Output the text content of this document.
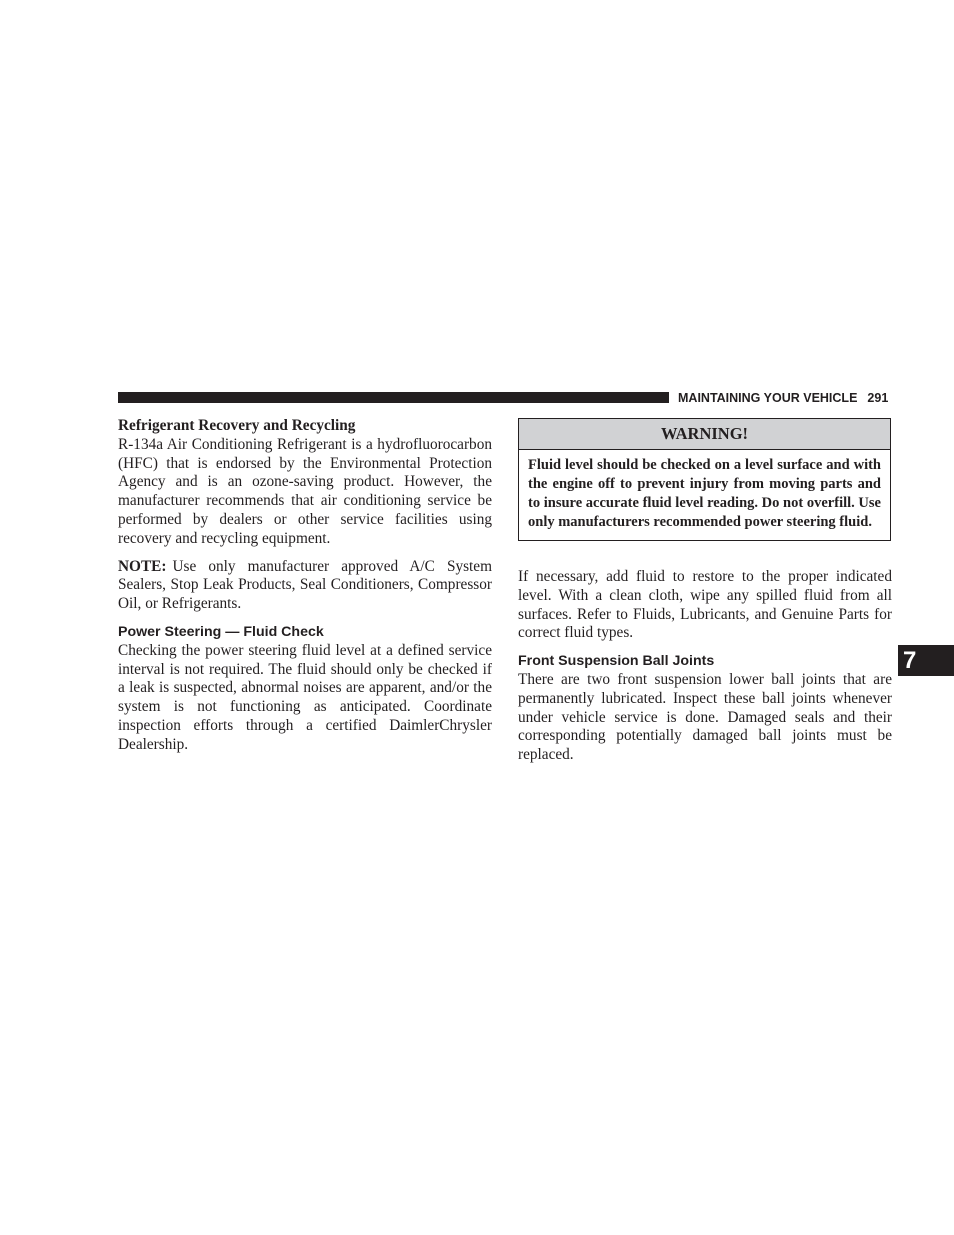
MAINTAINING YOUR VEHICLE 291
Refrigerant Recovery and Recycling

R-134a Air Conditioning Refrigerant is a hydrofluorocarbon (HFC) that is endorsed by the Environmental Protection Agency and is an ozone-saving product. However, the manufacturer recommends that air conditioning service be performed by dealers or other service facilities using recovery and recycling equipment.

NOTE: Use only manufacturer approved A/C System Sealers, Stop Leak Products, Seal Conditioners, Compressor Oil, or Refrigerants.

Power Steering — Fluid Check

Checking the power steering fluid level at a defined service interval is not required. The fluid should only be checked if a leak is suspected, abnormal noises are apparent, and/or the system is not functioning as anticipated. Coordinate inspection efforts through a certified DaimlerChrysler Dealership.

WARNING!
Fluid level should be checked on a level surface and with the engine off to prevent injury from moving parts and to insure accurate fluid level reading. Do not overfill. Use only manufacturers recommended power steering fluid.

If necessary, add fluid to restore to the proper indicated level. With a clean cloth, wipe any spilled fluid from all surfaces. Refer to Fluids, Lubricants, and Genuine Parts for correct fluid types.

Front Suspension Ball Joints

There are two front suspension lower ball joints that are permanently lubricated. Inspect these ball joints whenever under vehicle service is done. Damaged seals and their corresponding potentially damaged ball joints must be replaced.

7
